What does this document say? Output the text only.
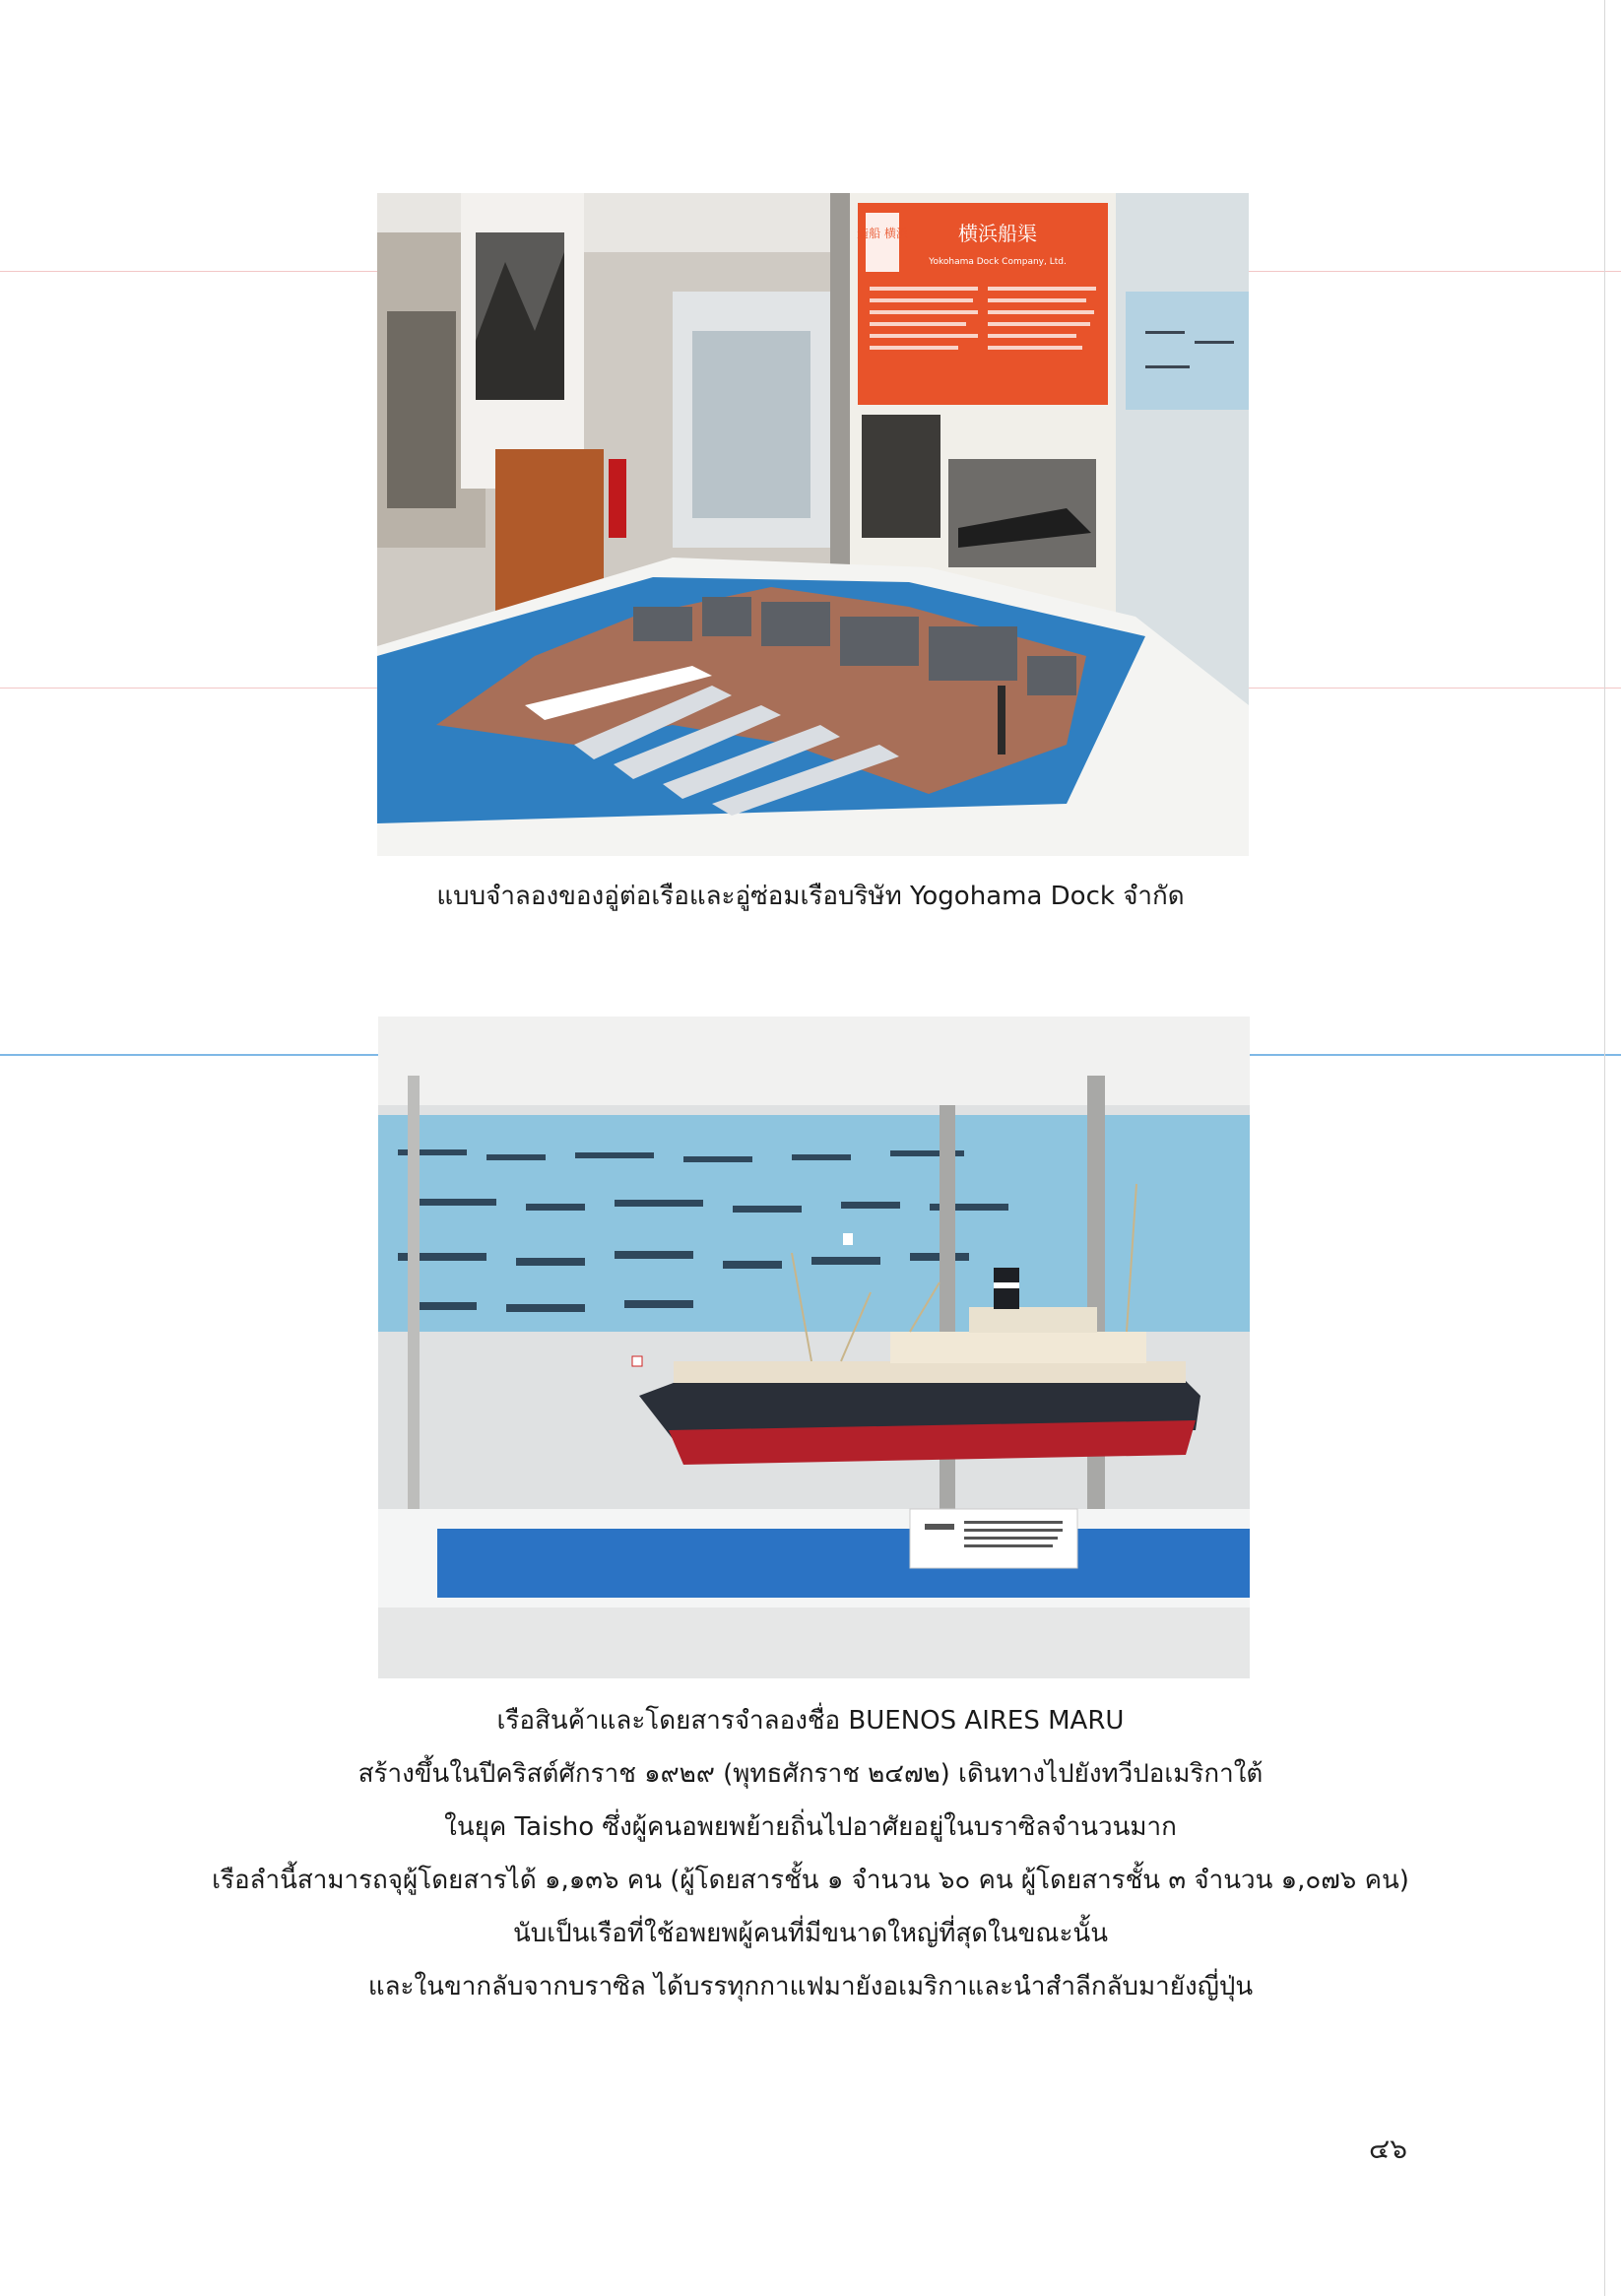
造船 横浜	横浜船渠
Yokohama Dock Company, Ltd.

แบบจำลองของอู่ต่อเรือและอู่ซ่อมเรือบริษัท Yogohama Dock จำกัด

เรือสินค้าและโดยสารจำลองชื่อ BUENOS AIRES MARU

สร้างขึ้นในปีคริสต์ศักราช ๑๙๒๙ (พุทธศักราช ๒๔๗๒) เดินทางไปยังทวีปอเมริกาใต้

ในยุค Taisho ซึ่งผู้คนอพยพย้ายถิ่นไปอาศัยอยู่ในบราซิลจำนวนมาก

เรือลำนี้สามารถจุผู้โดยสารได้ ๑,๑๓๖ คน (ผู้โดยสารชั้น ๑ จำนวน ๖๐ คน ผู้โดยสารชั้น ๓ จำนวน ๑,๐๗๖ คน)

นับเป็นเรือที่ใช้อพยพผู้คนที่มีขนาดใหญ่ที่สุดในขณะนั้น

และในขากลับจากบราซิล ได้บรรทุกกาแฟมายังอเมริกาและนำสำลีกลับมายังญี่ปุ่น

๔๖
